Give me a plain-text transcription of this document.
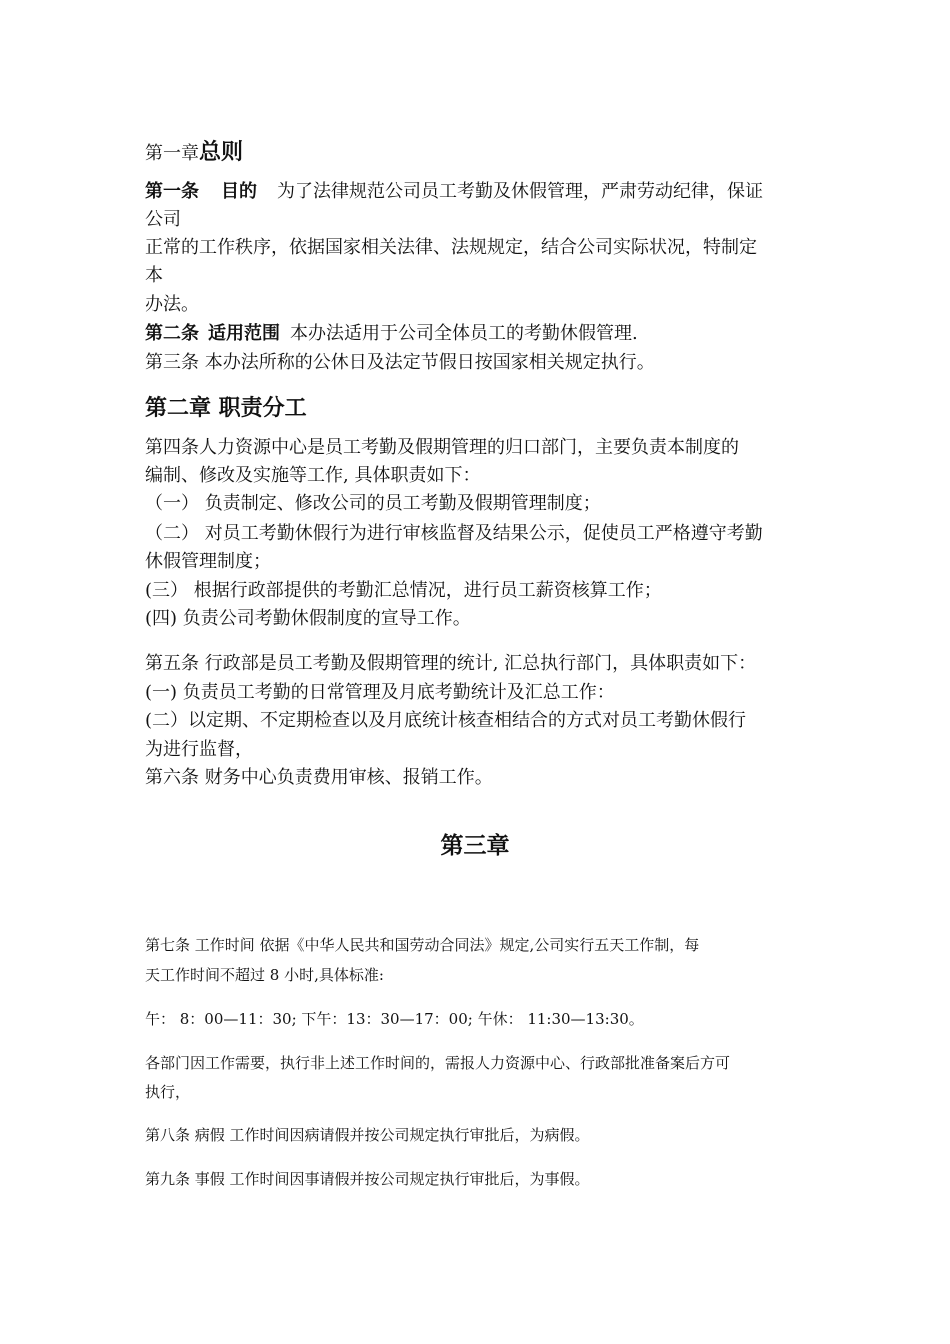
第一章总则
第一条 目的 为了法律规范公司员工考勤及休假管理，严肃劳动纪律，保证
公司
正常的工作秩序，依据国家相关法律、法规规定，结合公司实际状况，特制定
本
办法。
第二条 适用范围 本办法适用于公司全体员工的考勤休假管理.
第三条 本办法所称的公休日及法定节假日按国家相关规定执行。
第二章 职责分工
第四条人力资源中心是员工考勤及假期管理的归口部门，主要负责本制度的
编制、修改及实施等工作, 具体职责如下：
（一） 负责制定、修改公司的员工考勤及假期管理制度；
（二） 对员工考勤休假行为进行审核监督及结果公示，促使员工严格遵守考勤
休假管理制度；
(三） 根据行政部提供的考勤汇总情况，进行员工薪资核算工作；
(四) 负责公司考勤休假制度的宣导工作。
第五条 行政部是员工考勤及假期管理的统计, 汇总执行部门，具体职责如下：
(一) 负责员工考勤的日常管理及月底考勤统计及汇总工作：
(二）以定期、不定期检查以及月底统计核查相结合的方式对员工考勤休假行
为进行监督，
第六条 财务中心负责费用审核、报销工作。
第三章
第七条 工作时间 依据《中华人民共和国劳动合同法》规定,公司实行五天工作制，每
天工作时间不超过 8 小时,具体标准:
午： 8：00—11：30; 下午：13：30—17：00; 午休： 11:30—13:30。
各部门因工作需要，执行非上述工作时间的，需报人力资源中心、行政部批准备案后方可
执行，
第八条 病假 工作时间因病请假并按公司规定执行审批后，为病假。
第九条 事假 工作时间因事请假并按公司规定执行审批后，为事假。
